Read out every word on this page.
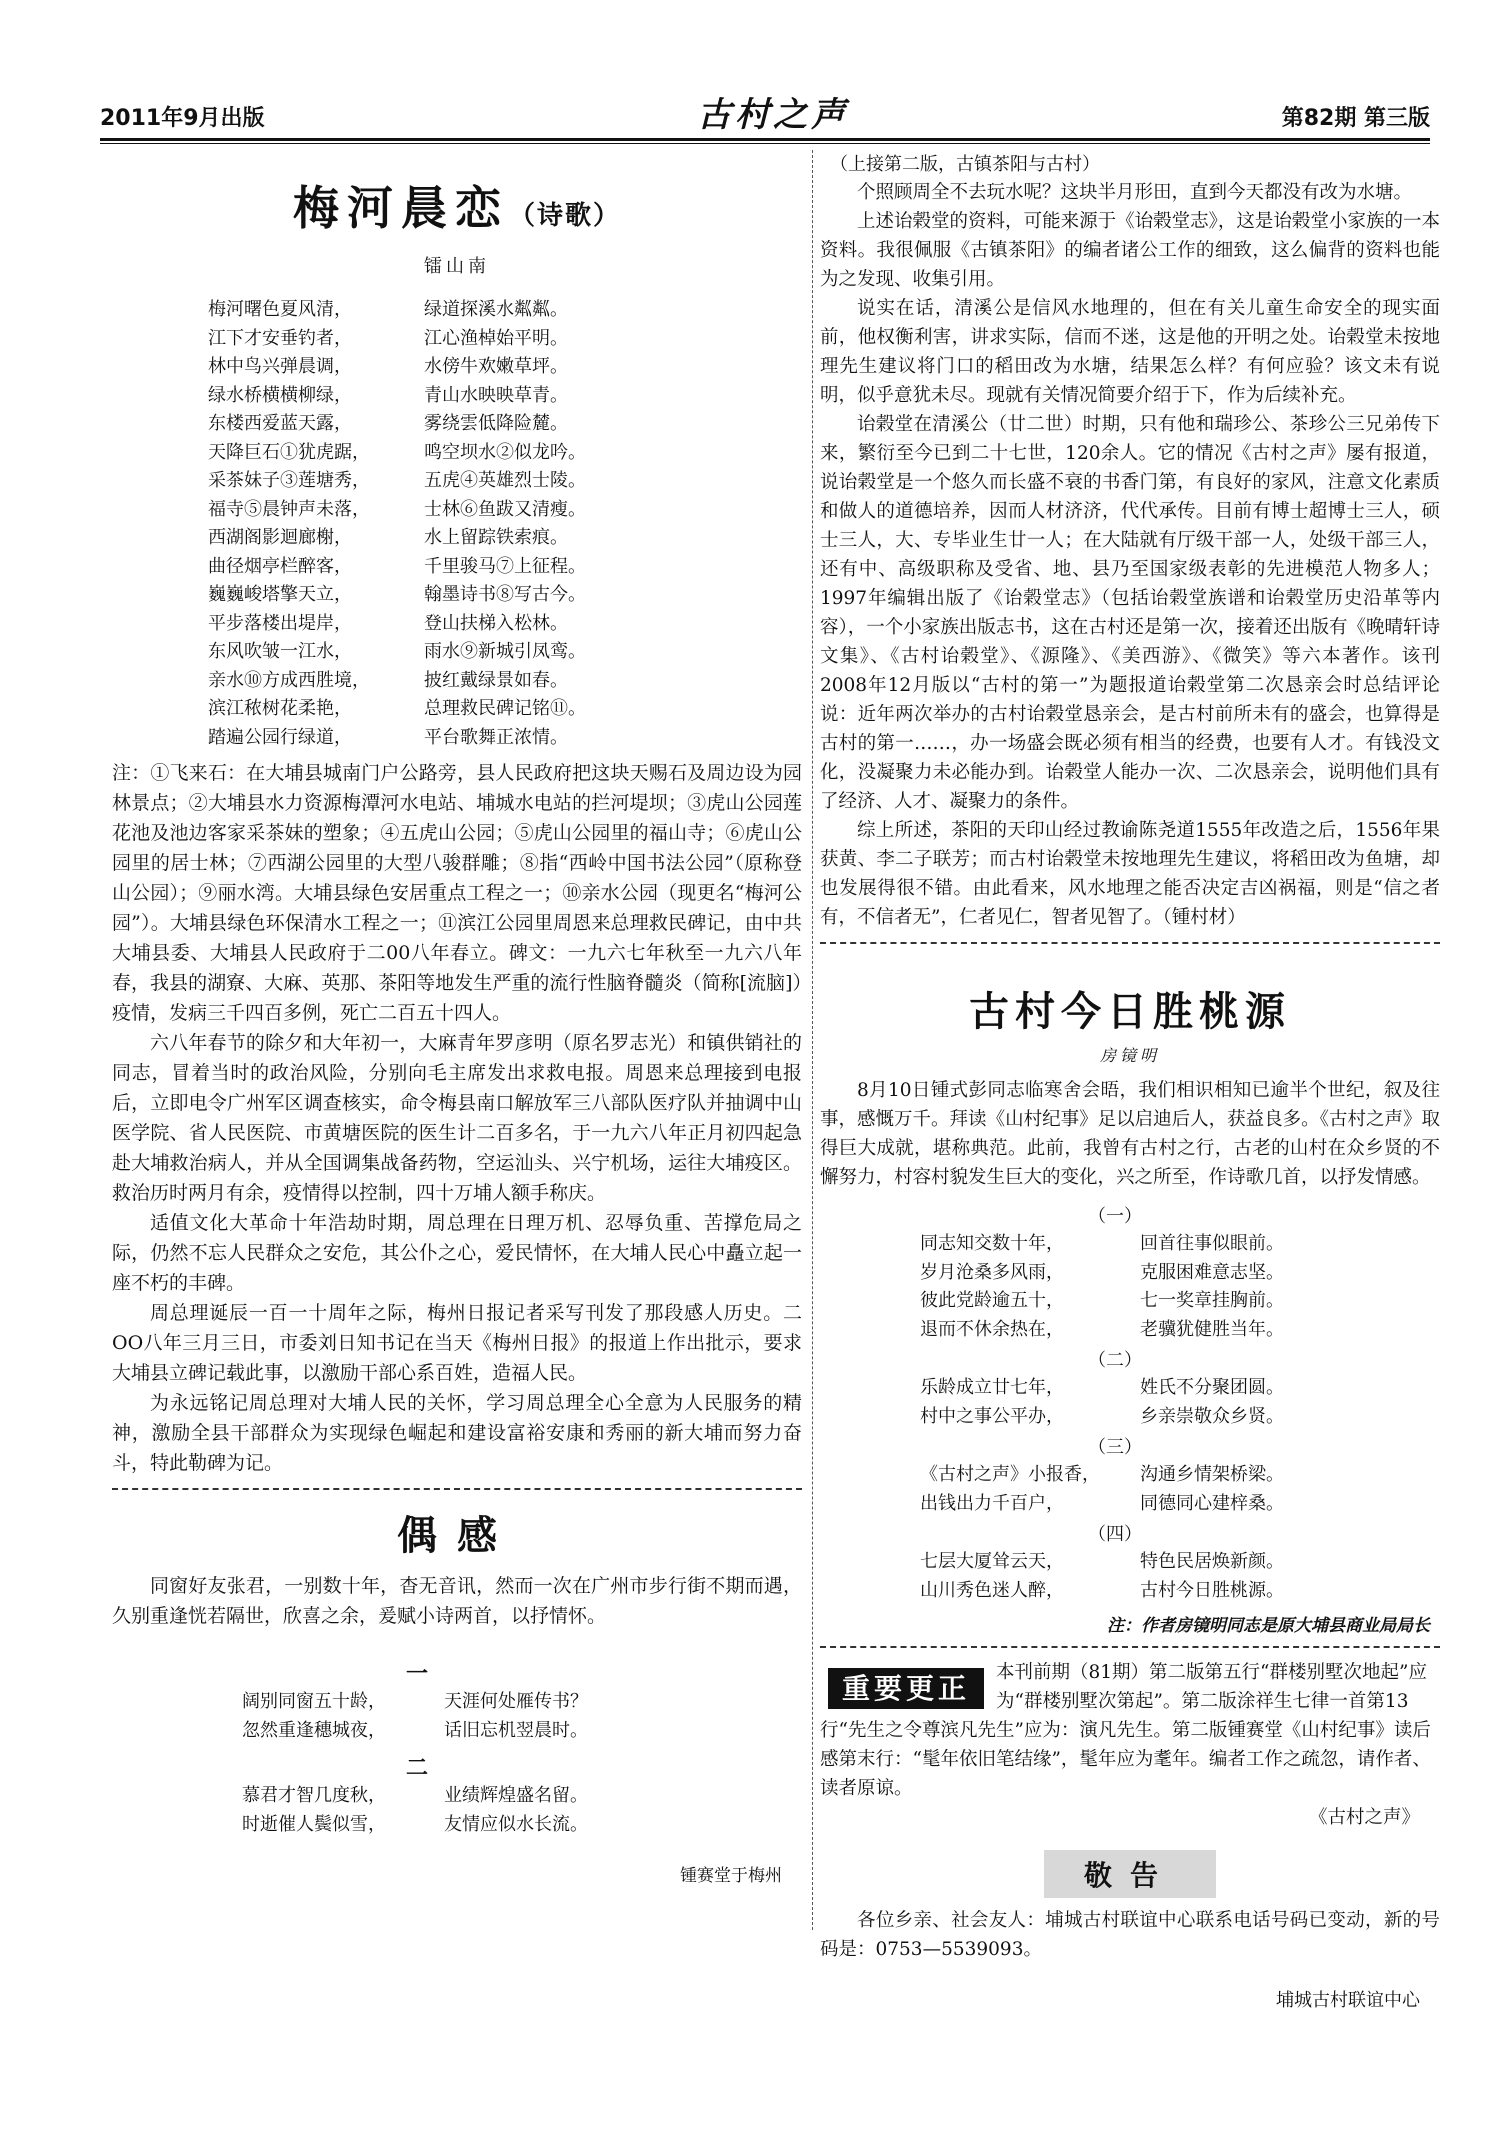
2011年9月出版	古村之声	第82期 第三版
梅河晨恋（诗歌）
镭山南
梅河曙色夏风清，	绿道探溪水粼粼。
江下才安垂钓者，	江心渔棹始平明。
林中鸟兴弹晨调，	水傍牛欢嫩草坪。
绿水桥横横柳绿，	青山水映映草青。
东楼西爱蓝天露，	雾绕雲低降险麓。
天降巨石①犹虎踞，	鸣空坝水②似龙吟。
采茶妹子③莲塘秀，	五虎④英雄烈士陵。
福寺⑤晨钟声未落，	士林⑥鱼跋又清瘦。
西湖阁影迴廊榭，	水上留踪铁索痕。
曲径烟亭栏醉客，	千里骏马⑦上征程。
巍巍峻塔擎天立，	翰墨诗书⑧写古今。
平步落楼出堤岸，	登山扶梯入松林。
东风吹皱一江水，	雨水⑨新城引凤鸾。
亲水⑩方成西胜境，	披红戴绿景如春。
滨江秾树花柔艳，	总理救民碑记铭⑪。
踏遍公园行绿道，	平台歌舞正浓情。

注：①飞来石：在大埔县城南门户公路旁，县人民政府把这块天赐石及周边设为园林景点；②大埔县水力资源梅潭河水电站、埔城水电站的拦河堤坝；③虎山公园莲花池及池边客家采茶妹的塑象；④五虎山公园；⑤虎山公园里的福山寺；⑥虎山公园里的居士林；⑦西湖公园里的大型八骏群雕；⑧指“西岭中国书法公园”（原称登山公园）；⑨丽水湾。大埔县绿色安居重点工程之一；⑩亲水公园（现更名“梅河公园”）。大埔县绿色环保清水工程之一；⑪滨江公园里周恩来总理救民碑记，由中共大埔县委、大埔县人民政府于二00八年春立。碑文：一九六七年秋至一九六八年春，我县的湖寮、大麻、英那、茶阳等地发生严重的流行性脑脊髓炎（简称[流脑]）疫情，发病三千四百多例，死亡二百五十四人。

六八年春节的除夕和大年初一，大麻青年罗彦明（原名罗志光）和镇供销社的同志，冒着当时的政治风险，分别向毛主席发出求救电报。周恩来总理接到电报后，立即电令广州军区调查核实，命令梅县南口解放军三八部队医疗队并抽调中山医学院、省人民医院、市黄塘医院的医生计二百多名，于一九六八年正月初四起急赴大埔救治病人，并从全国调集战备药物，空运汕头、兴宁机场，运往大埔疫区。救治历时两月有余，疫情得以控制，四十万埔人额手称庆。

适值文化大革命十年浩劫时期，周总理在日理万机、忍辱负重、苦撑危局之际，仍然不忘人民群众之安危，其公仆之心，爱民情怀，在大埔人民心中矗立起一座不朽的丰碑。

周总理诞辰一百一十周年之际，梅州日报记者采写刊发了那段感人历史。二OO八年三月三日，市委刘日知书记在当天《梅州日报》的报道上作出批示，要求大埔县立碑记载此事，以激励干部心系百姓，造福人民。

为永远铭记周总理对大埔人民的关怀，学习周总理全心全意为人民服务的精神，激励全县干部群众为实现绿色崛起和建设富裕安康和秀丽的新大埔而努力奋斗，特此勒碑为记。

偶感

同窗好友张君，一别数十年，杳无音讯，然而一次在广州市步行街不期而遇，久别重逢恍若隔世，欣喜之余，爰赋小诗两首，以抒情怀。

一
阔别同窗五十龄，	天涯何处雁传书？
忽然重逢穗城夜，	话旧忘机翌晨时。
二
慕君才智几度秋，	业绩辉煌盛名留。
时逝催人鬓似雪，	友情应似水长流。
锺赛堂于梅州
（上接第二版，古镇茶阳与古村）

个照顾周全不去玩水呢？这块半月形田，直到今天都没有改为水塘。

上述诒榖堂的资料，可能来源于《诒榖堂志》，这是诒榖堂小家族的一本资料。我很佩服《古镇茶阳》的编者诸公工作的细致，这么偏背的资料也能为之发现、收集引用。

说实在话，清溪公是信风水地理的，但在有关儿童生命安全的现实面前，他权衡利害，讲求实际，信而不迷，这是他的开明之处。诒榖堂未按地理先生建议将门口的稻田改为水塘，结果怎么样？有何应验？该文未有说明，似乎意犹未尽。现就有关情况简要介绍于下，作为后续补充。

诒榖堂在清溪公（廿二世）时期，只有他和瑞珍公、茶珍公三兄弟传下来，繁衍至今已到二十七世，120余人。它的情况《古村之声》屡有报道，说诒榖堂是一个悠久而长盛不衰的书香门第，有良好的家风，注意文化素质和做人的道德培养，因而人材济济，代代承传。目前有博士超博士三人，硕士三人，大、专毕业生廿一人；在大陆就有厅级干部一人，处级干部三人，还有中、高级职称及受省、地、县乃至国家级表彰的先进模范人物多人；1997年编辑出版了《诒榖堂志》（包括诒榖堂族谱和诒榖堂历史沿革等内容），一个小家族出版志书，这在古村还是第一次，接着还出版有《晚晴轩诗文集》、《古村诒榖堂》、《源隆》、《美西游》、《微笑》等六本著作。该刊2008年12月版以“古村的第一”为题报道诒榖堂第二次恳亲会时总结评论说：近年两次举办的古村诒榖堂恳亲会，是古村前所未有的盛会，也算得是古村的第一……，办一场盛会既必须有相当的经费，也要有人才。有钱没文化，没凝聚力未必能办到。诒榖堂人能办一次、二次恳亲会，说明他们具有了经济、人才、凝聚力的条件。

综上所述，茶阳的天印山经过教谕陈尧道1555年改造之后，1556年果获黄、李二子联芳；而古村诒榖堂未按地理先生建议，将稻田改为鱼塘，却也发展得很不错。由此看来，风水地理之能否决定吉凶祸福，则是“信之者有，不信者无”，仁者见仁，智者见智了。（锺村材）

古村今日胜桃源
房镜明

8月10日锺式彭同志临寒舍会晤，我们相识相知已逾半个世纪，叙及往事，感慨万千。拜读《山村纪事》足以启迪后人，获益良多。《古村之声》取得巨大成就，堪称典范。此前，我曾有古村之行，古老的山村在众乡贤的不懈努力，村容村貌发生巨大的变化，兴之所至，作诗歌几首，以抒发情感。

（一）
同志知交数十年，	回首往事似眼前。
岁月沧桑多风雨，	克服困难意志坚。
彼此党龄逾五十，	七一奖章挂胸前。
退而不休余热在，	老骥犹健胜当年。
（二）
乐龄成立廿七年，	姓氏不分聚团圆。
村中之事公平办，	乡亲崇敬众乡贤。
（三）
《古村之声》小报香，	沟通乡情架桥梁。
出钱出力千百户，	同德同心建梓桑。
（四）
七层大厦耸云天，	特色民居焕新颜。
山川秀色迷人醉，	古村今日胜桃源。
注：作者房镜明同志是原大埔县商业局局长
重要更正	本刊前期（81期）第二版第五行“群楼别墅次地起”应为“群楼别墅次第起”。第二版涂祥生七律一首第13行“先生之令尊滨凡先生”应为：演凡先生。第二版锺赛堂《山村纪事》读后感第末行：“髦年依旧笔结缘”，髦年应为耄年。编者工作之疏忽，请作者、读者原谅。
《古村之声》
敬告

各位乡亲、社会友人：埔城古村联谊中心联系电话号码已变动，新的号码是：0753—5539093。

埔城古村联谊中心
